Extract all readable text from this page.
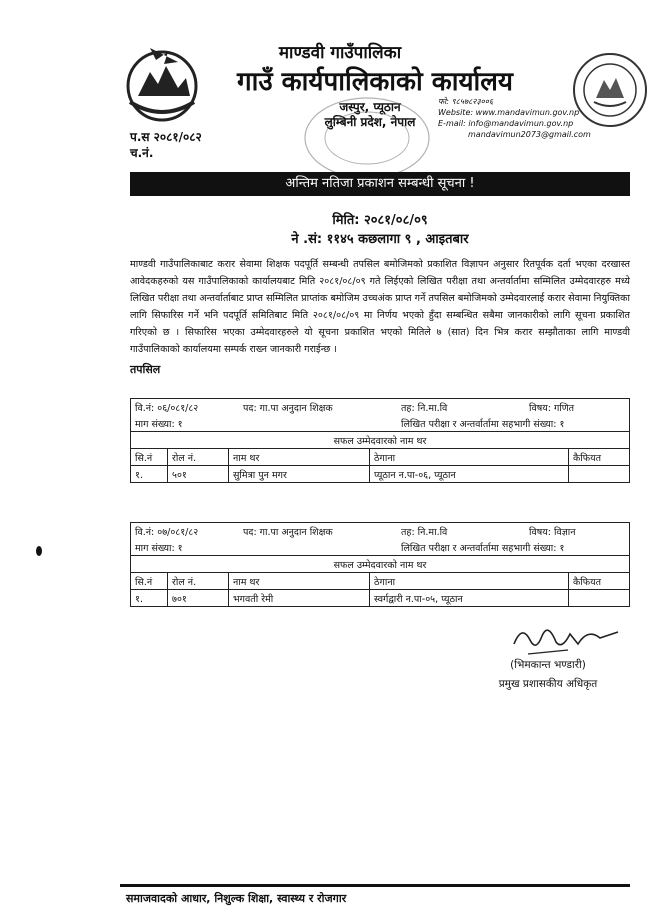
माण्डवी गाउँपालिका
गाउँ कार्यपालिकाको कार्यालय
जस्पुर, प्यूठान
लुम्बिनी प्रदेश, नेपाल
फो: ९८५७८२३००६
Website: www.mandavimun.gov.np
E-mail: info@mandavimun.gov.np
mandavimun2073@gmail.com
प.स २०८१/०८२
च.नं.
अन्तिम नतिजा प्रकाशन सम्बन्धी सूचना !
मिति: २०८१/०८/०९
ने .सं: ११४५ कछलागा ९ , आइतबार
माण्डवी गाउँपालिकाबाट करार सेवामा शिक्षक पदपूर्ति सम्बन्धी तपसिल बमोजिमको प्रकाशित विज्ञापन अनुसार रितपूर्वक दर्ता भएका दरखास्त आवेदकहरुको यस गाउँपालिकाको कार्यालयबाट मिति २०८१/०८/०९ गते लिईएको लिखित परीक्षा तथा अन्तर्वार्तामा सम्मिलित उम्मेदवारहरु मध्ये लिखित परीक्षा तथा अन्तर्वार्ताबाट प्राप्त सम्मिलित प्राप्तांक बमोजिम उच्चअंक प्राप्त गर्ने तपसिल बमोजिमको उम्मेदवारलाई करार सेवामा नियुक्तिका लागि सिफारिस गर्ने भनि पदपूर्ति समितिबाट मिति २०८१/०८/०९ मा निर्णय भएको हुँदा सम्बन्धित सबैमा जानकारीको लागि सूचना प्रकाशित गरिएको छ । सिफारिस भएका उम्मेदवारहरुले यो सूचना प्रकाशित भएको मितिले ७ (सात) दिन भित्र करार सम्झौताका लागि माण्डवी गाउँपालिकाको कार्यालयमा सम्पर्क राख्न जानकारी गराईन्छ ।
तपसिल
वि.नं: ०६/०८१/८२	पद: गा.पा अनुदान शिक्षक	तह: नि.मा.वि	विषय: गणित
माग संख्या: १		लिखित परीक्षा र अन्तर्वार्तामा सहभागी संख्या: १	
सफल उम्मेदवारको नाम थर				
सि.नं	रोल नं.	नाम थर	ठेगाना	कैफियत
१.	५०१	सुमित्रा पुन मगर	प्यूठान न.पा-०६, प्यूठान	
वि.नं: ०७/०८१/८२	पद: गा.पा अनुदान शिक्षक	तह: नि.मा.वि	विषय: विज्ञान
माग संख्या: १		लिखित परीक्षा र अन्तर्वार्तामा सहभागी संख्या: १	
सफल उम्मेदवारको नाम थर				
सि.नं	रोल नं.	नाम थर	ठेगाना	कैफियत
१.	७०१	भगवती रेमी	स्वर्गद्वारी न.पा-०५, प्यूठान	
(भिमकान्त भण्डारी)
प्रमुख प्रशासकीय अधिकृत
समाजवादको आधार, निशुल्क शिक्षा, स्वास्थ्य र रोजगार
